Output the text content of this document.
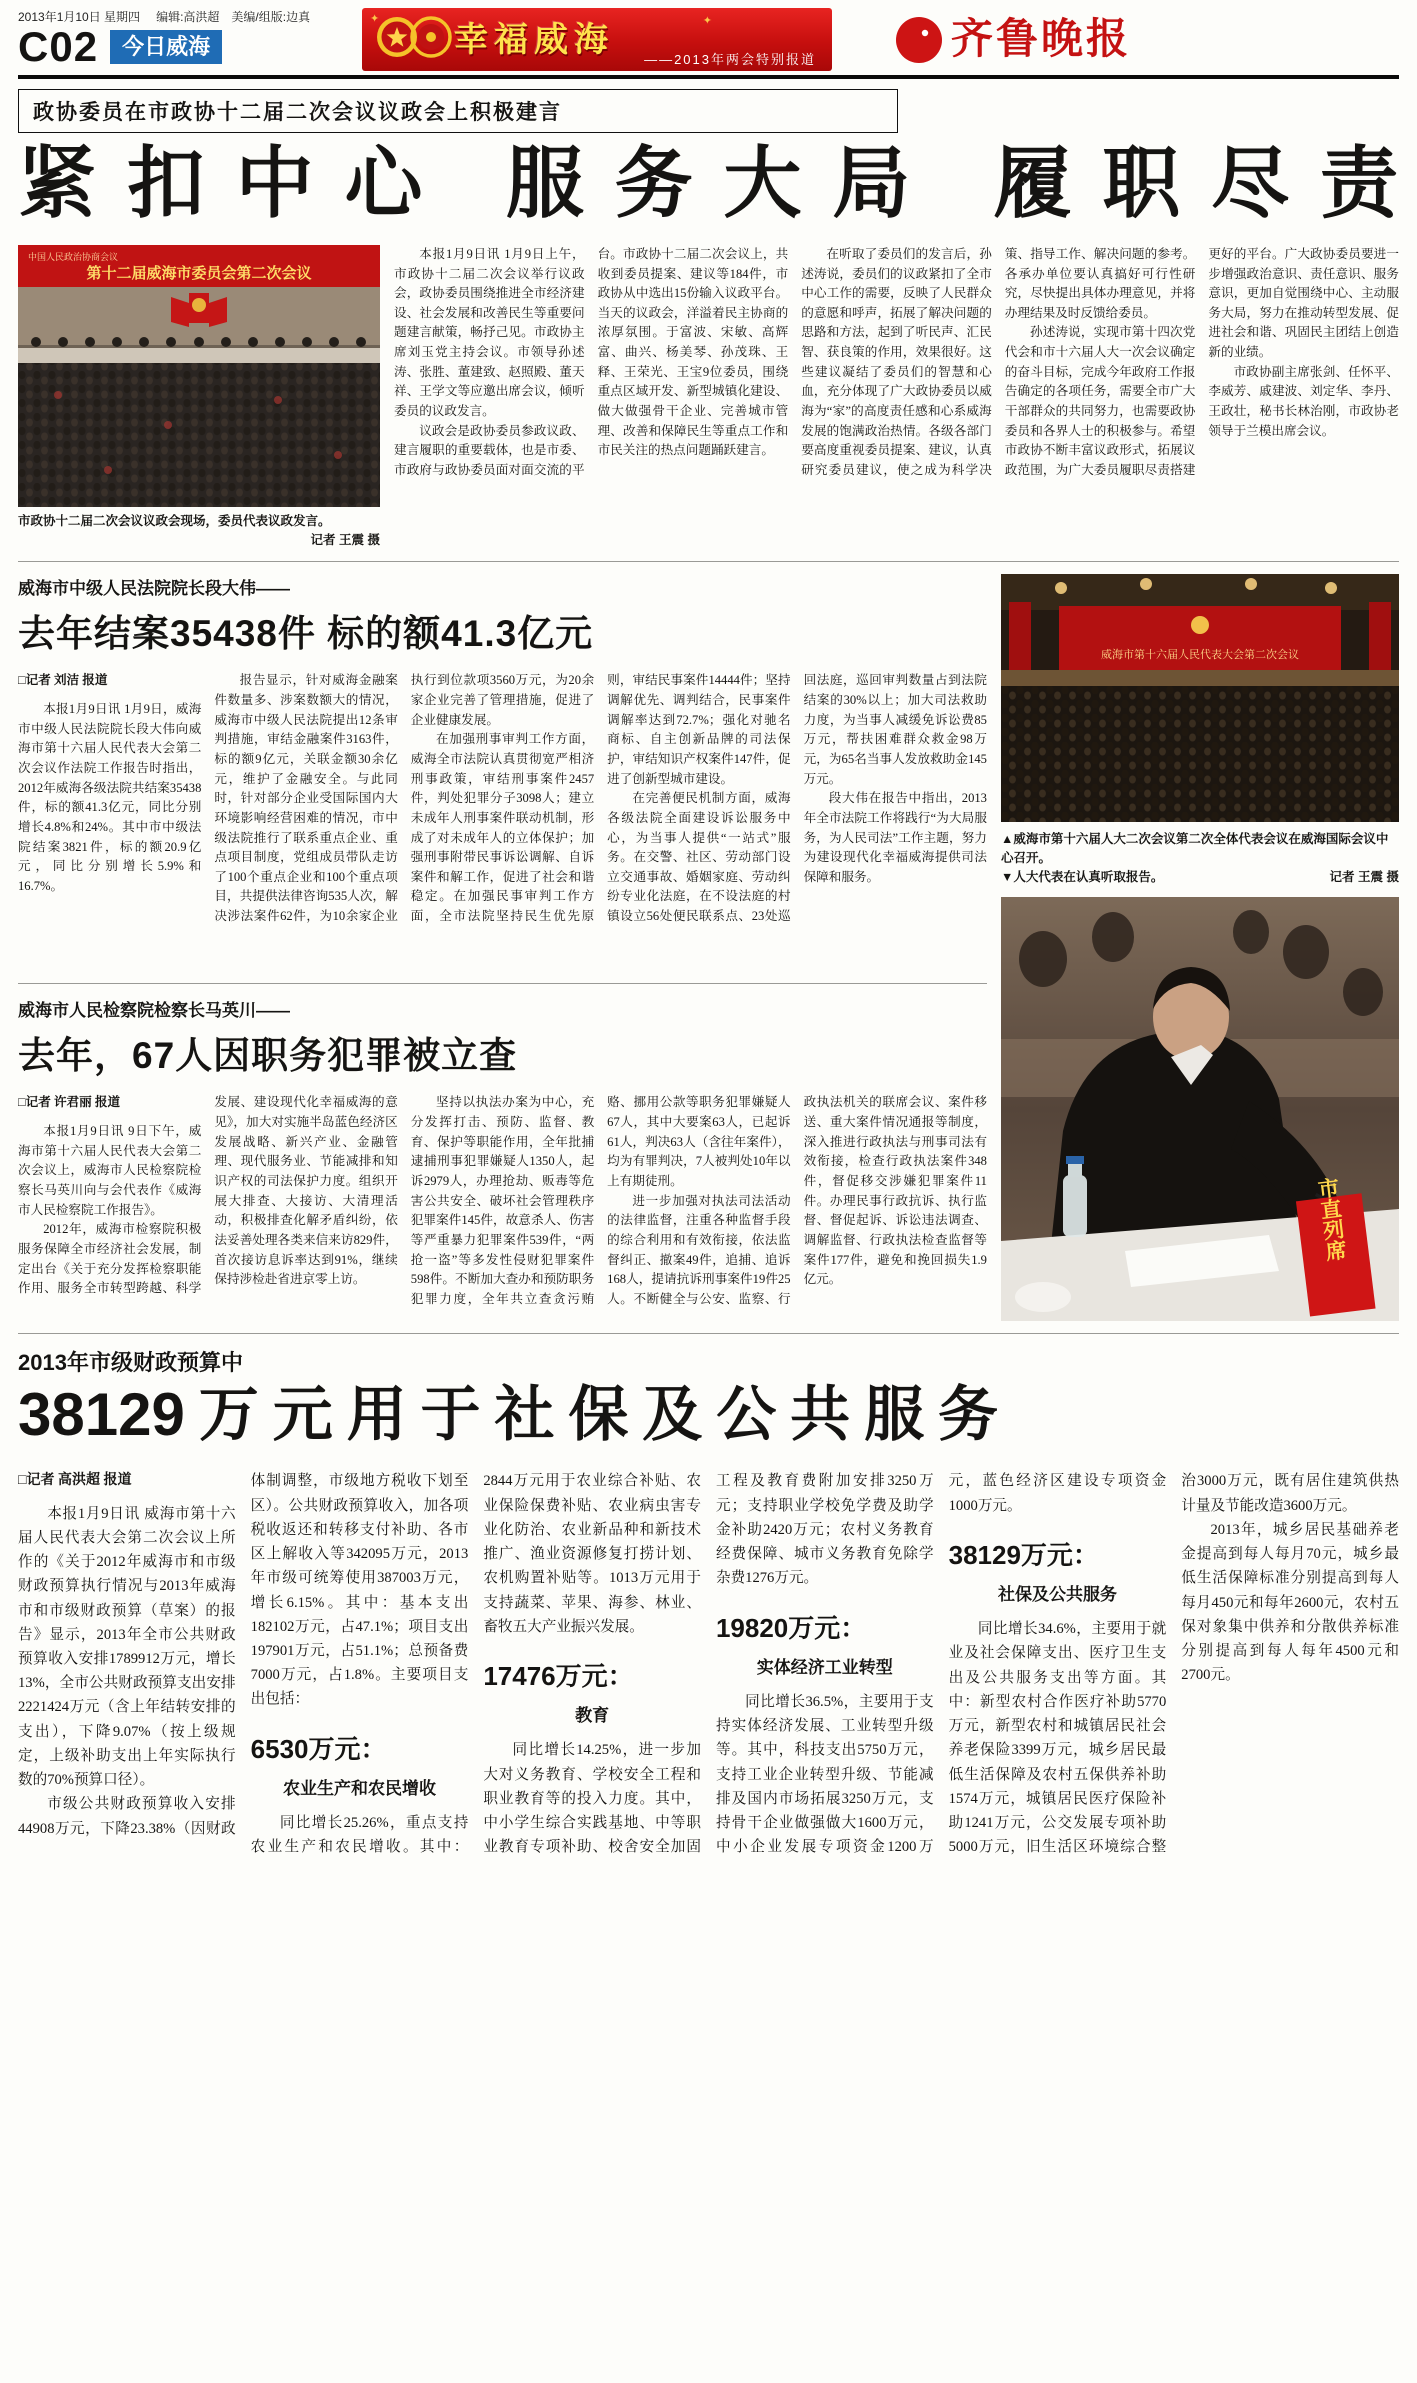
2013年1月10日 星期四 编辑:高洪超　美编/组版:边真
C02	今日威海
✦	✦
幸福威海
——2013年两会特别报道	齐鲁晚报
政协委员在市政协十二届二次会议议政会上积极建言
紧扣中心 服务大局 履职尽责
中国人民政治协商会议
第十二届威海市委员会第二次会议
市政协十二届二次会议议政会现场，委员代表议政发言。
记者 王震 摄

本报1月9日讯 1月9日上午，市政协十二届二次会议举行议政会，政协委员围绕推进全市经济建设、社会发展和改善民生等重要问题建言献策，畅抒己见。市政协主席刘玉党主持会议。市领导孙述涛、张胜、董建致、赵照殿、董天祥、王学文等应邀出席会议，倾听委员的议政发言。

议政会是政协委员参政议政、建言履职的重要载体，也是市委、市政府与政协委员面对面交流的平台。市政协十二届二次会议上，共收到委员提案、建议等184件，市政协从中选出15份输入议政平台。当天的议政会，洋溢着民主协商的浓厚氛围。于富波、宋敏、高辉富、曲兴、杨美琴、孙茂珠、王释、王荣光、王宝9位委员，围绕重点区域开发、新型城镇化建设、做大做强骨干企业、完善城市管理、改善和保障民生等重点工作和市民关注的热点问题踊跃建言。

在听取了委员们的发言后，孙述涛说，委员们的议政紧扣了全市中心工作的需要，反映了人民群众的意愿和呼声，拓展了解决问题的思路和方法，起到了听民声、汇民智、获良策的作用，效果很好。这些建议凝结了委员们的智慧和心血，充分体现了广大政协委员以威海为“家”的高度责任感和心系威海发展的饱满政治热情。各级各部门要高度重视委员提案、建议，认真研究委员建议，使之成为科学决策、指导工作、解决问题的参考。各承办单位要认真搞好可行性研究，尽快提出具体办理意见，并将办理结果及时反馈给委员。

孙述涛说，实现市第十四次党代会和市十六届人大一次会议确定的奋斗目标，完成今年政府工作报告确定的各项任务，需要全市广大干部群众的共同努力，也需要政协委员和各界人士的积极参与。希望市政协不断丰富议政形式，拓展议政范围，为广大委员履职尽责搭建更好的平台。广大政协委员要进一步增强政治意识、责任意识、服务意识，更加自觉围绕中心、主动服务大局，努力在推动转型发展、促进社会和谐、巩固民主团结上创造新的业绩。

市政协副主席张剑、任怀平、李威芳、戚建波、刘定华、李丹、王政壮，秘书长林治刚，市政协老领导于兰模出席会议。

威海市中级人民法院院长段大伟——
去年结案35438件 标的额41.3亿元

□记者 刘洁 报道

本报1月9日讯 1月9日，威海市中级人民法院院长段大伟向威海市第十六届人民代表大会第二次会议作法院工作报告时指出，2012年威海各级法院共结案35438件，标的额41.3亿元，同比分别增长4.8%和24%。其中市中级法院结案3821件，标的额20.9亿元，同比分别增长5.9%和16.7%。

报告显示，针对威海金融案件数量多、涉案数额大的情况，威海市中级人民法院提出12条审判措施，审结金融案件3163件，标的额9亿元，关联金额30余亿元，维护了金融安全。与此同时，针对部分企业受国际国内大环境影响经营困难的情况，市中级法院推行了联系重点企业、重点项目制度，党组成员带队走访了100个重点企业和100个重点项目，共提供法律咨询535人次，解决涉法案件62件，为10余家企业执行到位款项3560万元，为20余家企业完善了管理措施，促进了企业健康发展。

在加强刑事审判工作方面，威海全市法院认真贯彻宽严相济刑事政策，审结刑事案件2457件，判处犯罪分子3098人；建立未成年人刑事案件联动机制，形成了对未成年人的立体保护；加强刑事附带民事诉讼调解、自诉案件和解工作，促进了社会和谐稳定。在加强民事审判工作方面，全市法院坚持民生优先原则，审结民事案件14444件；坚持调解优先、调判结合，民事案件调解率达到72.7%；强化对驰名商标、自主创新品牌的司法保护，审结知识产权案件147件，促进了创新型城市建设。

在完善便民机制方面，威海各级法院全面建设诉讼服务中心，为当事人提供“一站式”服务。在交警、社区、劳动部门设立交通事故、婚姻家庭、劳动纠纷专业化法庭，在不设法庭的村镇设立56处便民联系点、23处巡回法庭，巡回审判数量占到法院结案的30%以上；加大司法救助力度，为当事人减缓免诉讼费85万元，帮扶困难群众救金98万元，为65名当事人发放救助金145万元。

段大伟在报告中指出，2013年全市法院工作将践行“为大局服务，为人民司法”工作主题，努力为建设现代化幸福威海提供司法保障和服务。

威海市人民检察院检察长马英川——
去年，67人因职务犯罪被立查

□记者 许君丽 报道

本报1月9日讯 9日下午，威海市第十六届人民代表大会第二次会议上，威海市人民检察院检察长马英川向与会代表作《威海市人民检察院工作报告》。

2012年，威海市检察院积极服务保障全市经济社会发展，制定出台《关于充分发挥检察职能作用、服务全市转型跨越、科学发展、建设现代化幸福威海的意见》，加大对实施半岛蓝色经济区发展战略、新兴产业、金融管理、现代服务业、节能减排和知识产权的司法保护力度。组织开展大排查、大接访、大清理活动，积极排查化解矛盾纠纷，依法妥善处理各类来信来访829件，首次接访息诉率达到91%，继续保持涉检赴省进京零上访。

坚持以执法办案为中心，充分发挥打击、预防、监督、教育、保护等职能作用，全年批捕逮捕刑事犯罪嫌疑人1350人，起诉2979人，办理抢劫、贩毒等危害公共安全、破坏社会管理秩序犯罪案件145件，故意杀人、伤害等严重暴力犯罪案件539件，“两抢一盗”等多发性侵财犯罪案件598件。不断加大查办和预防职务犯罪力度，全年共立查贪污贿赂、挪用公款等职务犯罪嫌疑人67人，其中大要案63人，已起诉61人，判决63人（含往年案件），均为有罪判决，7人被判处10年以上有期徒刑。

进一步加强对执法司法活动的法律监督，注重各种监督手段的综合利用和有效衔接，依法监督纠正、撤案49件，追捕、追诉168人，提请抗诉刑事案件19件25人。不断健全与公安、监察、行政执法机关的联席会议、案件移送、重大案件情况通报等制度，深入推进行政执法与刑事司法有效衔接，检查行政执法案件348件，督促移交涉嫌犯罪案件11件。办理民事行政抗诉、执行监督、督促起诉、诉讼违法调查、调解监督、行政执法检查监督等案件177件，避免和挽回损失1.9亿元。

威海市第十六届人民代表大会第二次会议
▲威海市第十六届人大二次会议第二次全体代表会议在威海国际会议中心召开。
▼人大代表在认真听取报告。	记者 王震 摄
市直列席
2013年市级财政预算中
38129万元用于社保及公共服务

□记者 高洪超 报道

本报1月9日讯 威海市第十六届人民代表大会第二次会议上所作的《关于2012年威海市和市级财政预算执行情况与2013年威海市和市级财政预算（草案）的报告》显示，2013年全市公共财政预算收入安排1789912万元，增长13%，全市公共财政预算支出安排2221424万元（含上年结转安排的支出），下降9.07%（按上级规定，上级补助支出上年实际执行数的70%预算口径）。

市级公共财政预算收入安排44908万元，下降23.38%（因财政体制调整，市级地方税收下划至区）。公共财政预算收入，加各项税收返还和转移支付补助、各市区上解收入等342095万元，2013年市级可统筹使用387003万元，增长6.15%。其中：基本支出182102万元，占47.1%；项目支出197901万元，占51.1%；总预备费7000万元，占1.8%。主要项目支出包括：

6530万元：

农业生产和农民增收

同比增长25.26%，重点支持农业生产和农民增收。其中：2844万元用于农业综合补贴、农业保险保费补贴、农业病虫害专业化防治、农业新品种和新技术推广、渔业资源修复打捞计划、农机购置补贴等。1013万元用于支持蔬菜、苹果、海参、林业、畜牧五大产业振兴发展。

17476万元：

教育

同比增长14.25%，进一步加大对义务教育、学校安全工程和职业教育等的投入力度。其中，中小学生综合实践基地、中等职业教育专项补助、校舍安全加固工程及教育费附加安排3250万元；支持职业学校免学费及助学金补助2420万元；农村义务教育经费保障、城市义务教育免除学杂费1276万元。

19820万元：

实体经济工业转型

同比增长36.5%，主要用于支持实体经济发展、工业转型升级等。其中，科技支出5750万元，支持工业企业转型升级、节能减排及国内市场拓展3250万元，支持骨干企业做强做大1600万元，中小企业发展专项资金1200万元，蓝色经济区建设专项资金1000万元。

38129万元：

社保及公共服务

同比增长34.6%，主要用于就业及社会保障支出、医疗卫生支出及公共服务支出等方面。其中：新型农村合作医疗补助5770万元，新型农村和城镇居民社会养老保险3399万元，城乡居民最低生活保障及农村五保供养补助1574万元，城镇居民医疗保险补助1241万元，公交发展专项补助5000万元，旧生活区环境综合整治3000万元，既有居住建筑供热计量及节能改造3600万元。

2013年，城乡居民基础养老金提高到每人每月70元，城乡最低生活保障标准分别提高到每人每月450元和每年2600元，农村五保对象集中供养和分散供养标准分别提高到每人每年4500元和2700元。
